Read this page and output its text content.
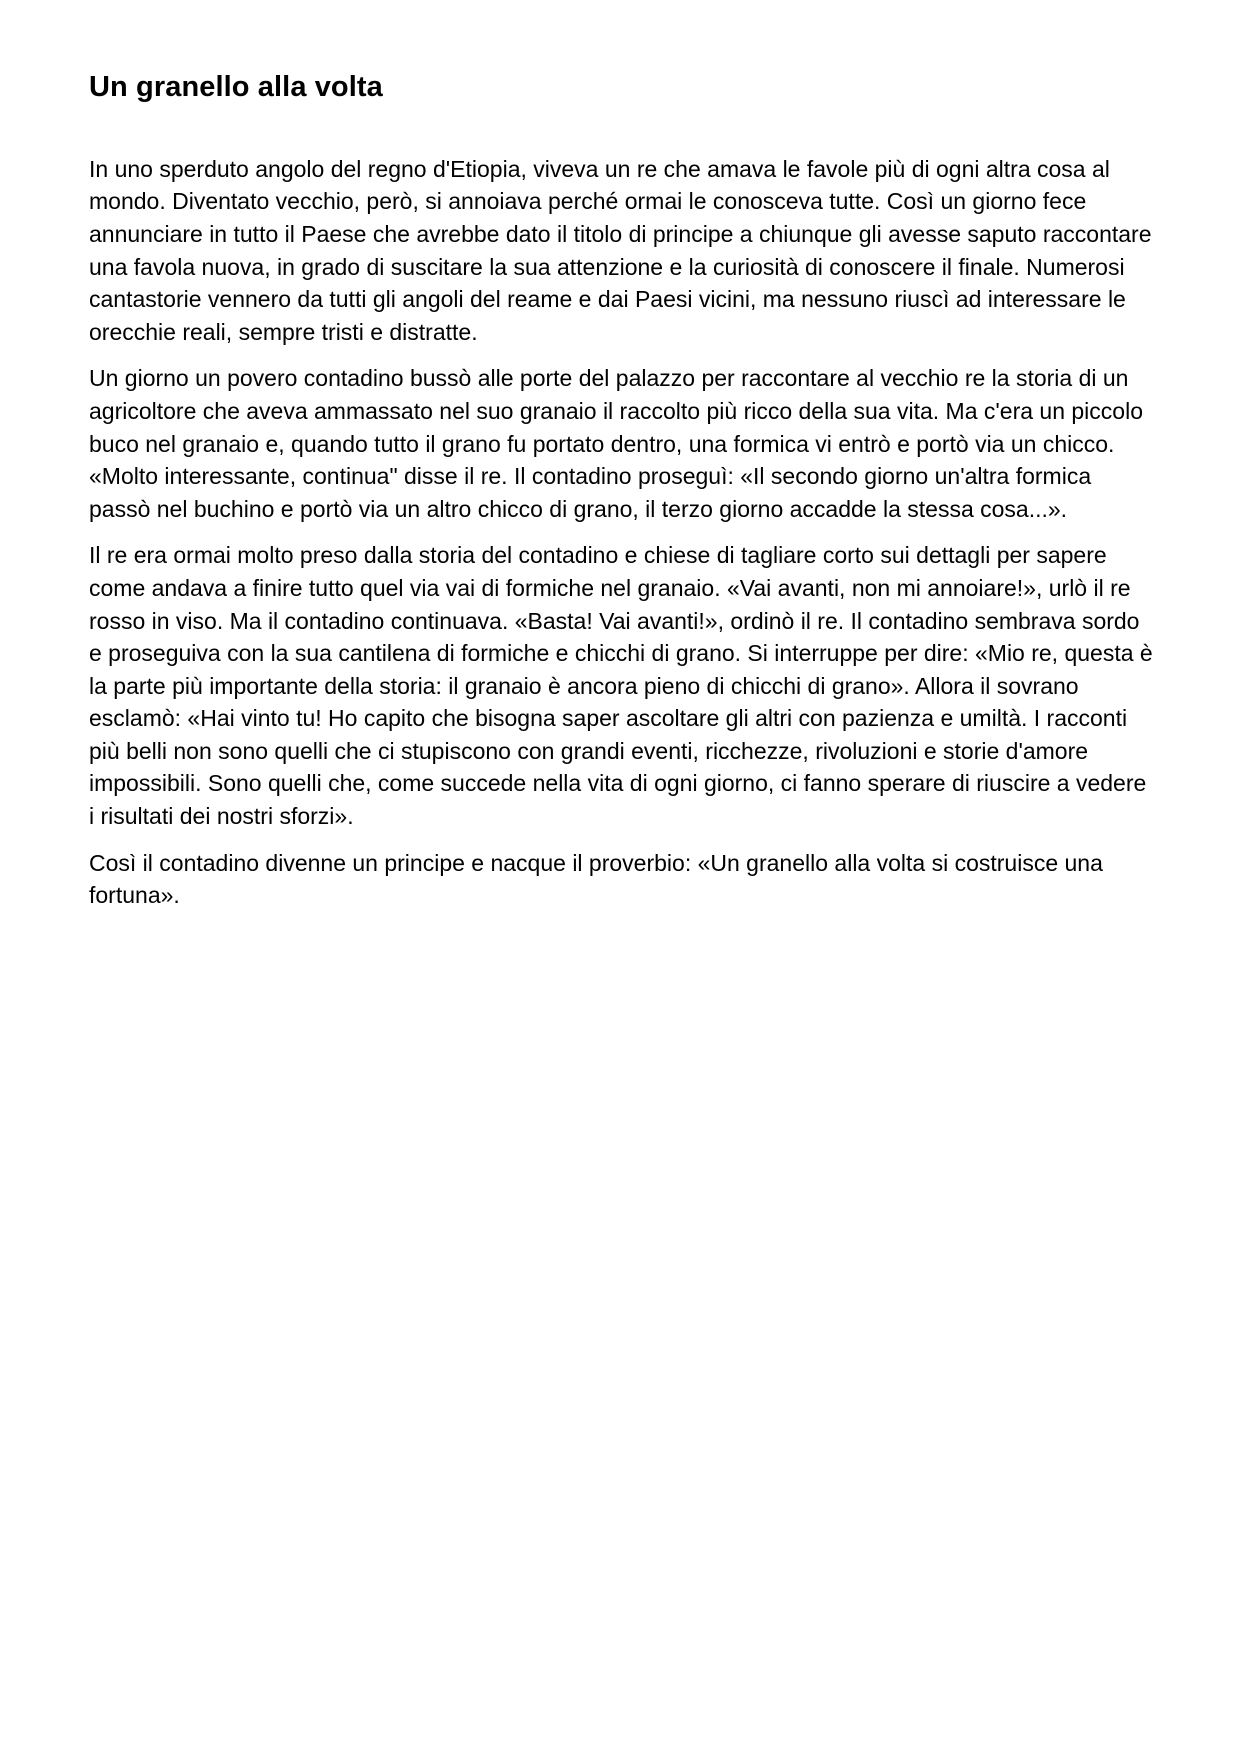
Un granello alla volta

In uno sperduto angolo del regno d'Etiopia, viveva un re che amava le favole più di ogni altra cosa al mondo. Diventato vecchio, però, si annoiava perché ormai le conosceva tutte. Così un giorno fece annunciare in tutto il Paese che avrebbe dato il titolo di principe a chiunque gli avesse saputo raccontare una favola nuova, in grado di suscitare la sua attenzione e la curiosità di conoscere il finale. Numerosi cantastorie vennero da tutti gli angoli del reame e dai Paesi vicini, ma nessuno riuscì ad interessare le orecchie reali, sempre tristi e distratte.

Un giorno un povero contadino bussò alle porte del palazzo per raccontare al vecchio re la storia di un agricoltore che aveva ammassato nel suo granaio il raccolto più ricco della sua vita. Ma c'era un piccolo buco nel granaio e, quando tutto il grano fu portato dentro, una formica vi entrò e portò via un chicco. «Molto interessante, continua" disse il re. Il contadino proseguì: «Il secondo giorno un'altra formica passò nel buchino e portò via un altro chicco di grano, il terzo giorno accadde la stessa cosa...».

Il re era ormai molto preso dalla storia del contadino e chiese di tagliare corto sui dettagli per sapere come andava a finire tutto quel via vai di formiche nel granaio. «Vai avanti, non mi annoiare!», urlò il re rosso in viso. Ma il contadino continuava. «Basta! Vai avanti!», ordinò il re. Il contadino sembrava sordo e proseguiva con la sua cantilena di formiche e chicchi di grano. Si interruppe per dire: «Mio re, questa è la parte più importante della storia: il granaio è ancora pieno di chicchi di grano». Allora il sovrano esclamò: «Hai vinto tu! Ho capito che bisogna saper ascoltare gli altri con pazienza e umiltà. I racconti più belli non sono quelli che ci stupiscono con grandi eventi, ricchezze, rivoluzioni e storie d'amore impossibili. Sono quelli che, come succede nella vita di ogni giorno, ci fanno sperare di riuscire a vedere i risultati dei nostri sforzi».

Così il contadino divenne un principe e nacque il proverbio: «Un granello alla volta si costruisce una fortuna».
